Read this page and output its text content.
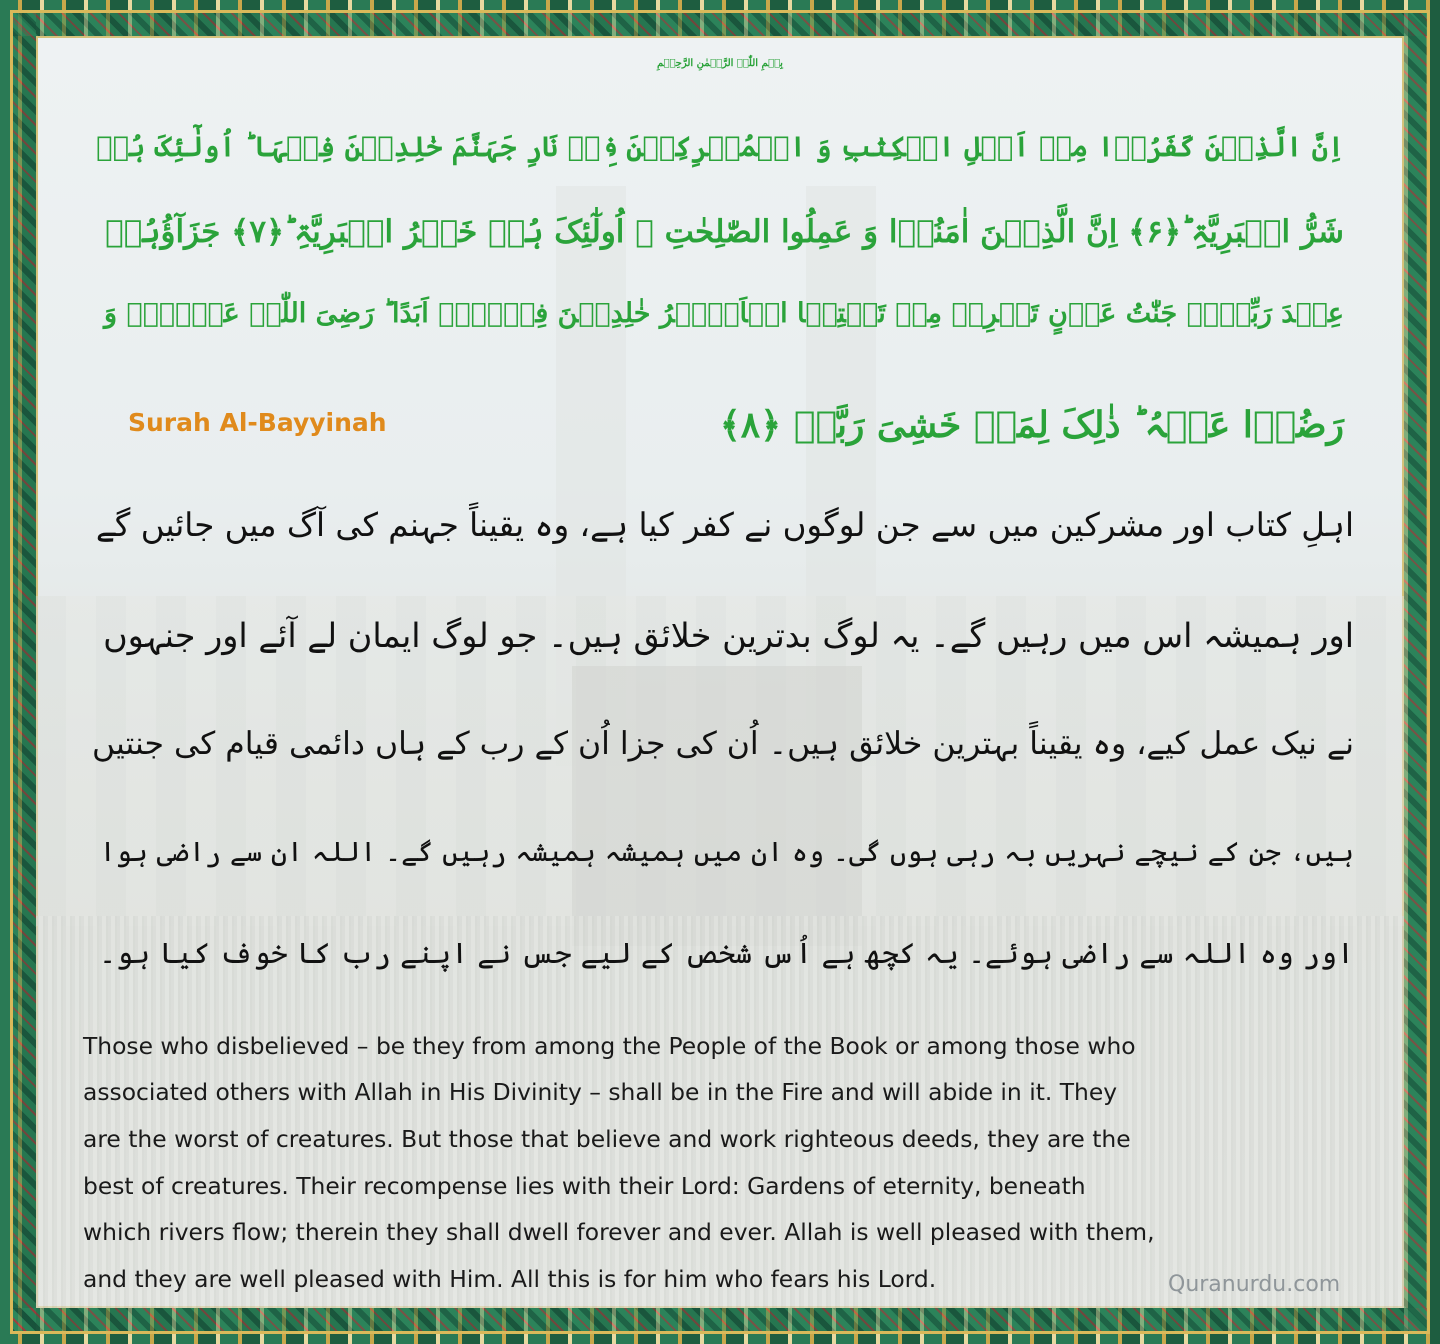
بِسۡمِ اللّٰہِ الرَّحۡمٰنِ الرَّحِیۡمِ
اِنَّ الَّذِیۡنَ کَفَرُوۡا مِنۡ اَہۡلِ الۡکِتٰبِ وَ الۡمُشۡرِکِیۡنَ فِیۡ نَارِ جَہَنَّمَ خٰلِدِیۡنَ فِیۡہَا ؕ اُولٰٓئِکَ ہُمۡ
شَرُّ الۡبَرِیَّۃِ ؕ﴿۶﴾ اِنَّ الَّذِیۡنَ اٰمَنُوۡا وَ عَمِلُوا الصّٰلِحٰتِ ۙ اُولٰٓئِکَ ہُمۡ خَیۡرُ الۡبَرِیَّۃِ ؕ﴿۷﴾ جَزَآؤُہُمۡ
عِنۡدَ رَبِّہِمۡ جَنّٰتُ عَدۡنٍ تَجۡرِیۡ مِنۡ تَحۡتِہَا الۡاَنۡہٰرُ خٰلِدِیۡنَ فِیۡہَاۤ اَبَدًا ؕ رَضِیَ اللّٰہُ عَنۡہُمۡ وَ
رَضُوۡا عَنۡہُ ؕ ذٰلِکَ لِمَنۡ خَشِیَ رَبَّہٗ ﴿۸﴾
Surah Al-Bayyinah
اہلِ کتاب اور مشرکین میں سے جن لوگوں نے کفر کیا ہے، وہ یقیناً جہنم کی آگ میں جائیں گے
اور ہمیشہ اس میں رہیں گے۔ یہ لوگ بدترین خلائق ہیں۔ جو لوگ ایمان لے آئے اور جنہوں
نے نیک عمل کیے، وہ یقیناً بہترین خلائق ہیں۔ اُن کی جزا اُن کے رب کے ہاں دائمی قیام کی جنتیں
ہیں، جن کے نیچے نہریں بہ رہی ہوں گی۔ وہ ان میں ہمیشہ ہمیشہ رہیں گے۔ اللہ ان سے راضی ہوا
اور وہ اللہ سے راضی ہوئے۔ یہ کچھ ہے اُس شخص کے لیے جس نے اپنے رب کا خوف کیا ہو۔
Those who disbelieved – be they from among the People of the Book or among those who
associated others with Allah in His Divinity – shall be in the Fire and will abide in it. They
are the worst of creatures. But those that believe and work righteous deeds, they are the
best of creatures. Their recompense lies with their Lord: Gardens of eternity, beneath
which rivers flow; therein they shall dwell forever and ever. Allah is well pleased with them,
and they are well pleased with Him. All this is for him who fears his Lord.	Quranurdu.com
